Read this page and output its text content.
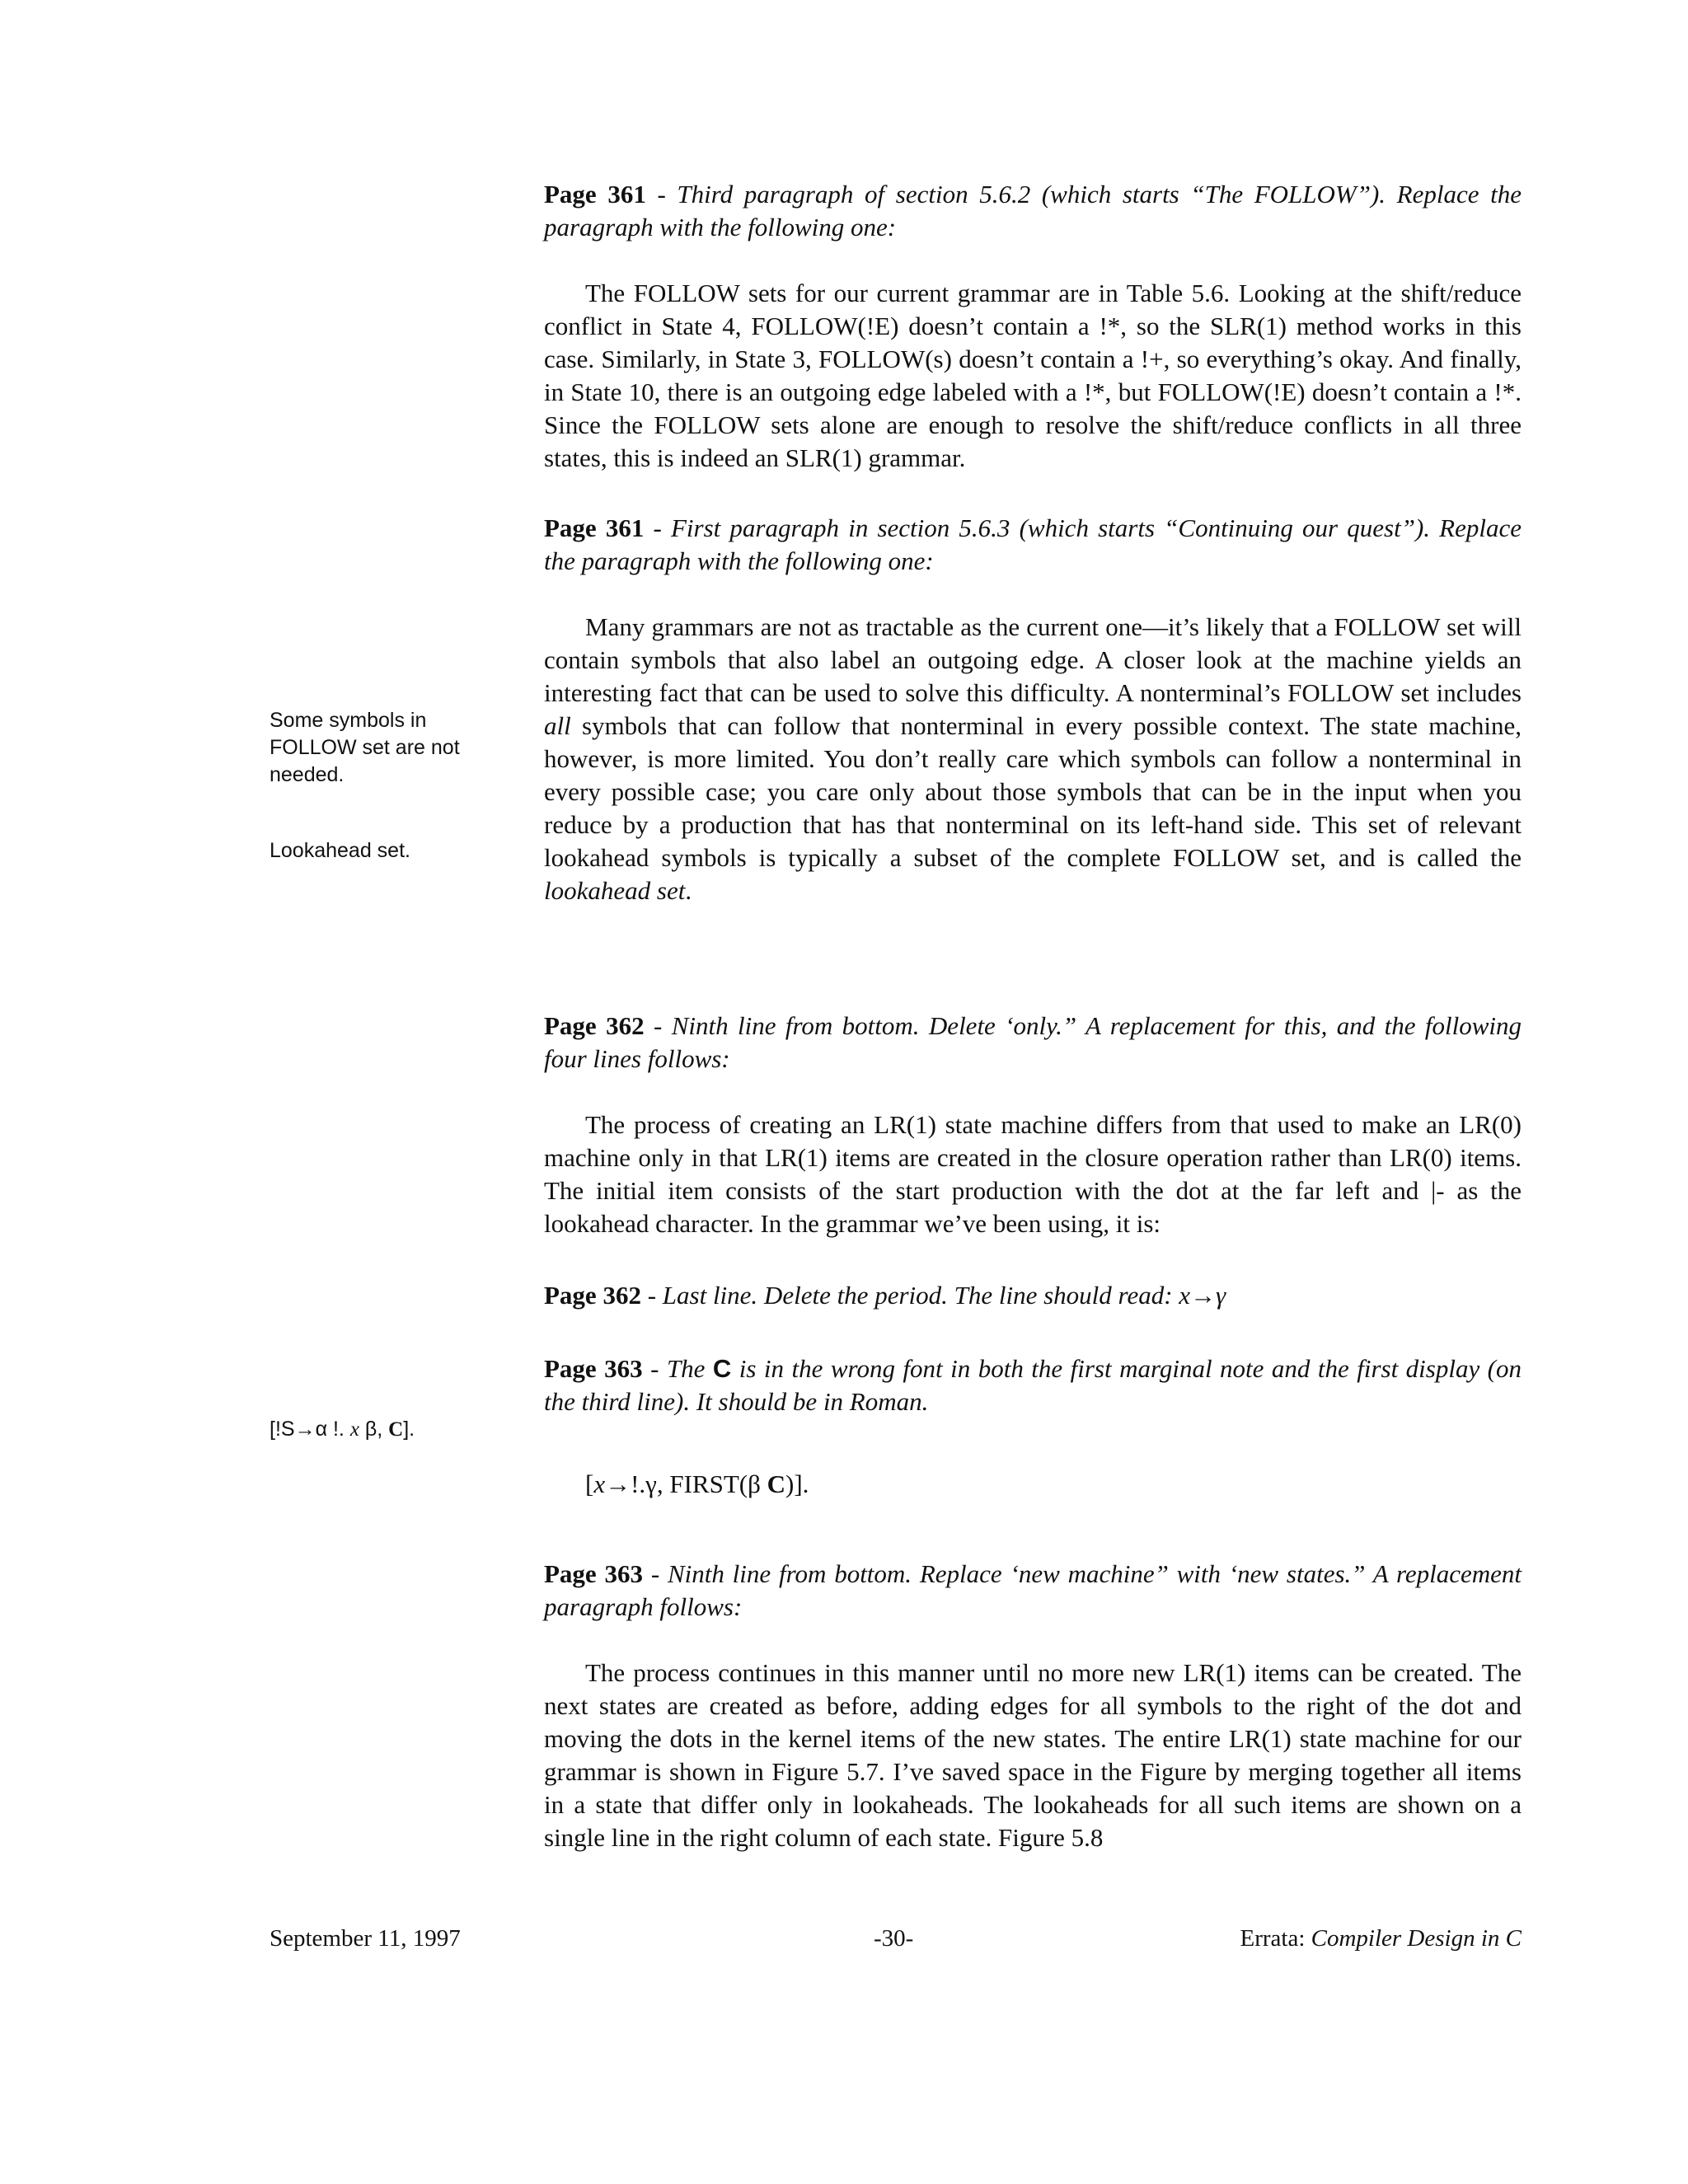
Page 361 - Third paragraph of section 5.6.2 (which starts “The FOLLOW”). Replace the paragraph with the following one:
The FOLLOW sets for our current grammar are in Table 5.6. Looking at the shift/reduce conflict in State 4, FOLLOW(!E) doesn’t contain a !*, so the SLR(1) method works in this case. Similarly, in State 3, FOLLOW(s) doesn’t contain a !+, so everything’s okay. And finally, in State 10, there is an outgoing edge labeled with a !*, but FOLLOW(!E) doesn’t contain a !*. Since the FOLLOW sets alone are enough to resolve the shift/reduce conflicts in all three states, this is indeed an SLR(1) grammar.
Page 361 - First paragraph in section 5.6.3 (which starts “Continuing our quest”). Replace the paragraph with the following one:
Many grammars are not as tractable as the current one—it’s likely that a FOLLOW set will contain symbols that also label an outgoing edge. A closer look at the machine yields an interesting fact that can be used to solve this difficulty. A nonterminal’s FOLLOW set includes all symbols that can follow that nonterminal in every possible context. The state machine, however, is more limited. You don’t really care which symbols can follow a nonterminal in every possible case; you care only about those symbols that can be in the input when you reduce by a production that has that nonterminal on its left-hand side. This set of relevant lookahead symbols is typically a subset of the complete FOLLOW set, and is called the lookahead set.
Some symbols in FOLLOW set are not needed.
Lookahead set.
Page 362 - Ninth line from bottom. Delete ‘only.” A replacement for this, and the following four lines follows:
The process of creating an LR(1) state machine differs from that used to make an LR(0) machine only in that LR(1) items are created in the closure operation rather than LR(0) items. The initial item consists of the start production with the dot at the far left and |- as the lookahead character. In the grammar we’ve been using, it is:
Page 362 - Last line. Delete the period. The line should read: x→γ
Page 363 - The C is in the wrong font in both the first marginal note and the first display (on the third line). It should be in Roman.
[!S→α !. x β, C].
[x→!.γ, FIRST(β C)].
Page 363 - Ninth line from bottom. Replace ‘new machine” with ‘new states.” A replacement paragraph follows:
The process continues in this manner until no more new LR(1) items can be created. The next states are created as before, adding edges for all symbols to the right of the dot and moving the dots in the kernel items of the new states. The entire LR(1) state machine for our grammar is shown in Figure 5.7. I’ve saved space in the Figure by merging together all items in a state that differ only in lookaheads. The lookaheads for all such items are shown on a single line in the right column of each state. Figure 5.8
September 11, 1997	-30-	Errata: Compiler Design in C
